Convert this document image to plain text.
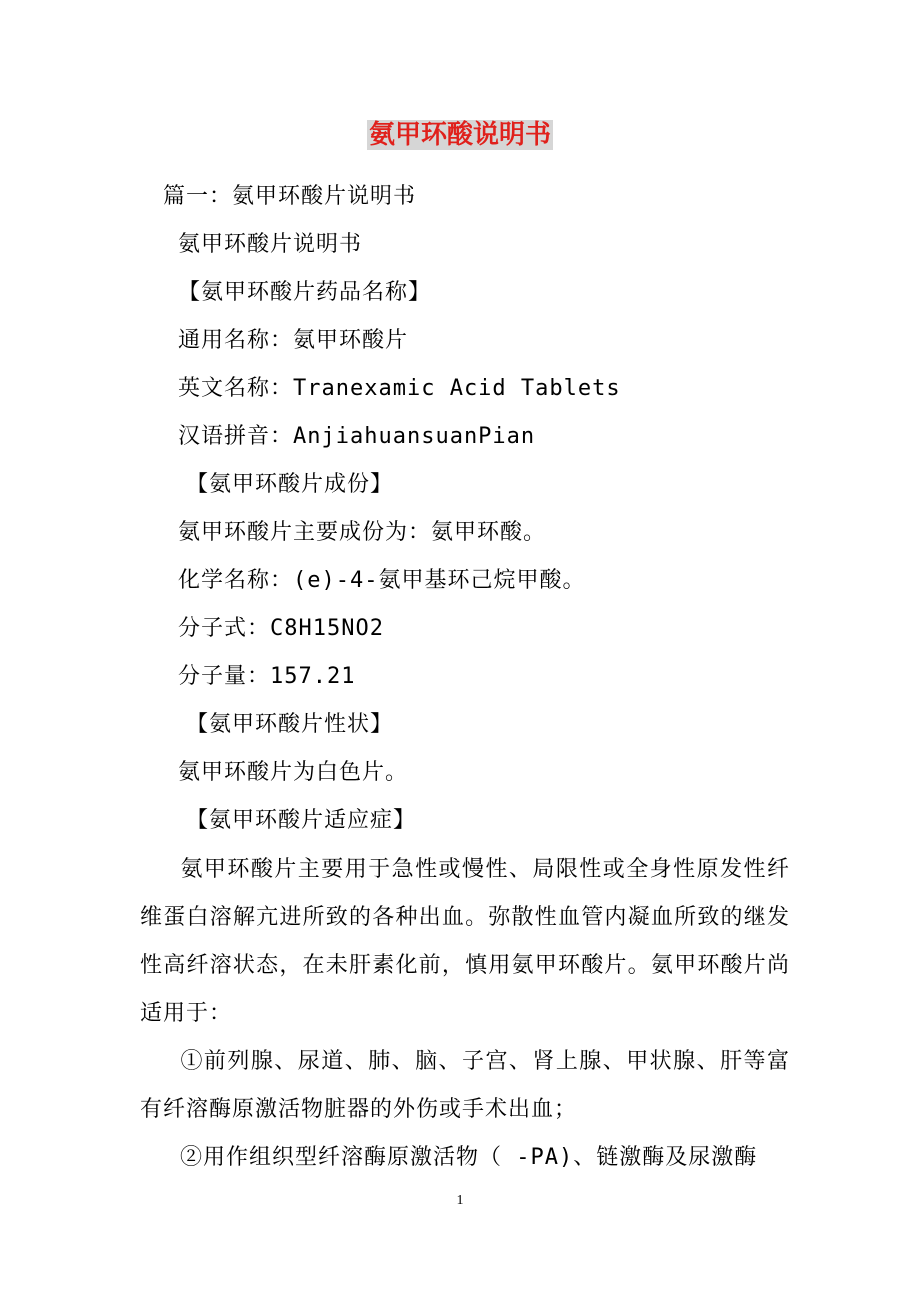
氨甲环酸说明书
篇一：氨甲环酸片说明书
氨甲环酸片说明书
【氨甲环酸片药品名称】
通用名称：氨甲环酸片
英文名称：Tranexamic Acid Tablets
汉语拼音：AnjiahuansuanPian
【氨甲环酸片成份】
氨甲环酸片主要成份为：氨甲环酸。
化学名称：(e)-4-氨甲基环己烷甲酸。
分子式：C8H15NO2
分子量：157.21
【氨甲环酸片性状】
氨甲环酸片为白色片。
【氨甲环酸片适应症】
氨甲环酸片主要用于急性或慢性、局限性或全身性原发性纤维蛋白溶解亢进所致的各种出血。弥散性血管内凝血所致的继发性高纤溶状态，在未肝素化前，慎用氨甲环酸片。氨甲环酸片尚适用于：
①前列腺、尿道、肺、脑、子宫、肾上腺、甲状腺、肝等富有纤溶酶原激活物脏器的外伤或手术出血；
②用作组织型纤溶酶原激活物（ -PA)、链激酶及尿激酶
1
